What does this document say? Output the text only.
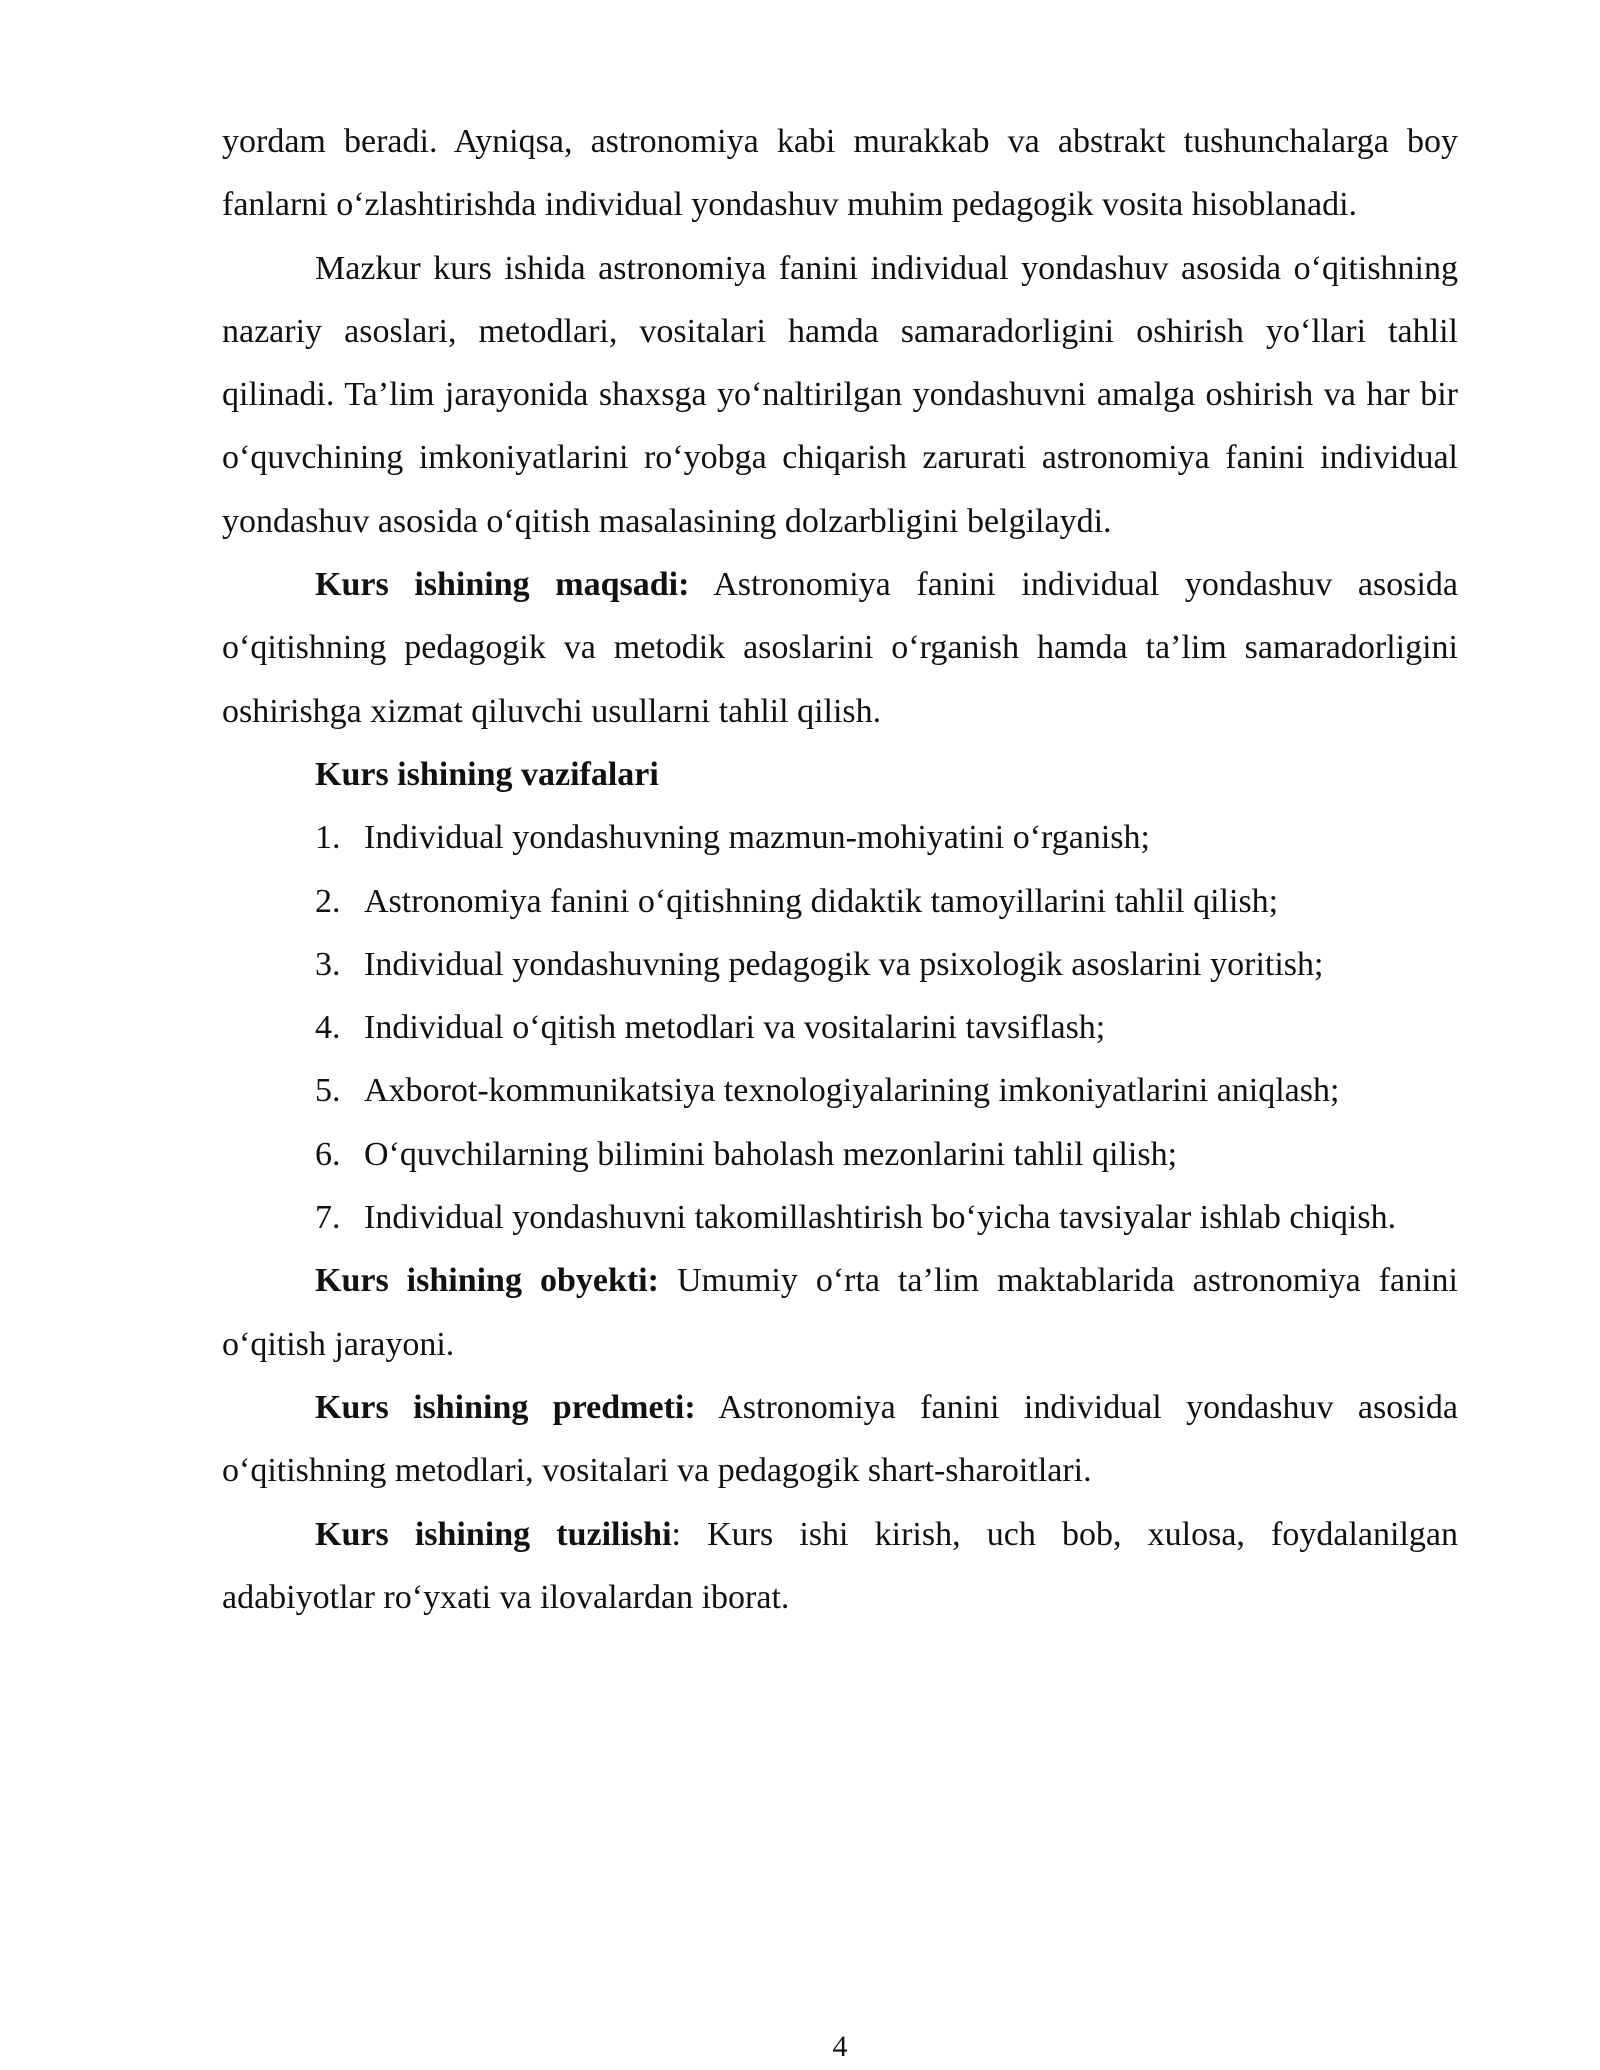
yordam beradi. Ayniqsa, astronomiya kabi murakkab va abstrakt tushunchalarga boy fanlarni o‘zlashtirishda individual yondashuv muhim pedagogik vosita hisoblanadi.

Mazkur kurs ishida astronomiya fanini individual yondashuv asosida o‘qitishning nazariy asoslari, metodlari, vositalari hamda samaradorligini oshirish yo‘llari tahlil qilinadi. Ta’lim jarayonida shaxsga yo‘naltirilgan yondashuvni amalga oshirish va har bir o‘quvchining imkoniyatlarini ro‘yobga chiqarish zarurati astronomiya fanini individual yondashuv asosida o‘qitish masalasining dolzarbligini belgilaydi.

Kurs ishining maqsadi: Astronomiya fanini individual yondashuv asosida o‘qitishning pedagogik va metodik asoslarini o‘rganish hamda ta’lim samaradorligini oshirishga xizmat qiluvchi usullarni tahlil qilish.

Kurs ishining vazifalari

1. Individual yondashuvning mazmun-mohiyatini o‘rganish;
2. Astronomiya fanini o‘qitishning didaktik tamoyillarini tahlil qilish;
3. Individual yondashuvning pedagogik va psixologik asoslarini yoritish;
4. Individual o‘qitish metodlari va vositalarini tavsiflash;
5. Axborot-kommunikatsiya texnologiyalarining imkoniyatlarini aniqlash;
6. O‘quvchilarning bilimini baholash mezonlarini tahlil qilish;
7. Individual yondashuvni takomillashtirish bo‘yicha tavsiyalar ishlab chiqish.

Kurs ishining obyekti: Umumiy o‘rta ta’lim maktablarida astronomiya fanini o‘qitish jarayoni.

Kurs ishining predmeti: Astronomiya fanini individual yondashuv asosida o‘qitishning metodlari, vositalari va pedagogik shart-sharoitlari.

Kurs ishining tuzilishi: Kurs ishi kirish, uch bob, xulosa, foydalanilgan adabiyotlar ro‘yxati va ilovalardan iborat.

4
